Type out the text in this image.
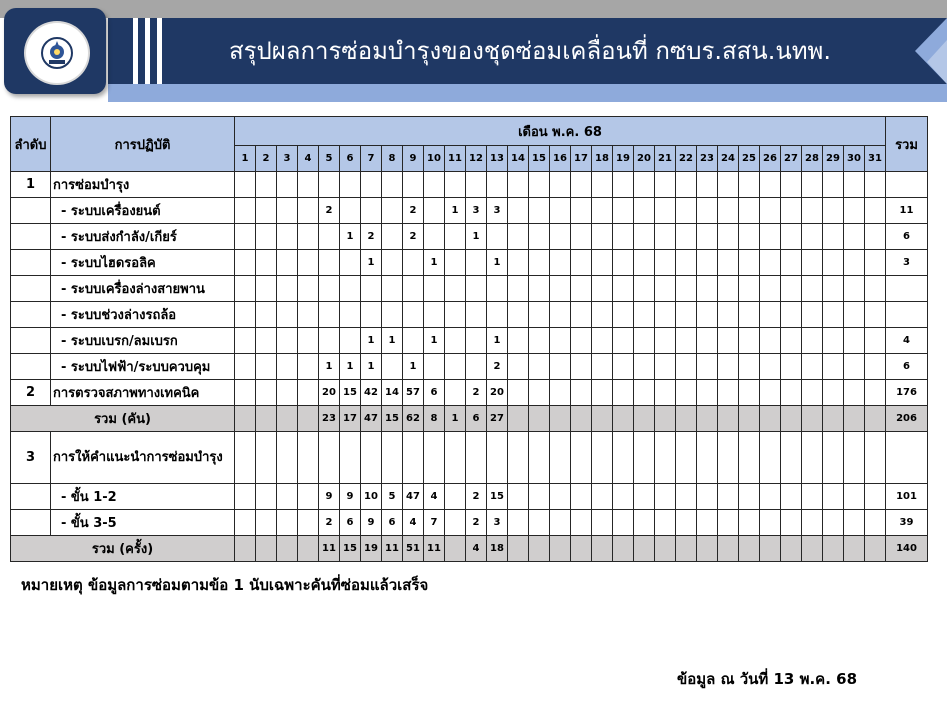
สรุปผลการซ่อมบำรุงของชุดซ่อมเคลื่อนที่ กซบร.สสน.นทพ.
ลำดับ	การปฏิบัติ	เดือน พ.ค. 68																															รวม
		1	2	3	4	5	6	7	8	9	10	11	12	13	14	15	16	17	18	19	20	21	22	23	24	25	26	27	28	29	30	31	
1	การซ่อมบำรุง																																
	- ระบบเครื่องยนต์					2				2		1	3	3																			11
	- ระบบส่งกำลัง/เกียร์						1	2		2			1																				6
	- ระบบไฮดรอลิค							1			1			1																			3
	- ระบบเครื่องล่างสายพาน																																
	- ระบบช่วงล่างรถล้อ																																
	- ระบบเบรก/ลมเบรก							1	1		1			1																			4
	- ระบบไฟฟ้า/ระบบควบคุม					1	1	1		1				2																			6
2	การตรวจสภาพทางเทคนิค					20	15	42	14	57	6		2	20																			176
รวม (คัน)						23	17	47	15	62	8	1	6	27																			206
3	การให้คำแนะนำการซ่อมบำรุง																																
	- ขั้น 1-2					9	9	10	5	47	4		2	15																			101
	- ขั้น 3-5					2	6	9	6	4	7		2	3																			39
รวม (ครั้ง)						11	15	19	11	51	11		4	18																			140
หมายเหตุ ข้อมูลการซ่อมตามข้อ 1 นับเฉพาะคันที่ซ่อมแล้วเสร็จ
ข้อมูล ณ วันที่ 13 พ.ค. 68
